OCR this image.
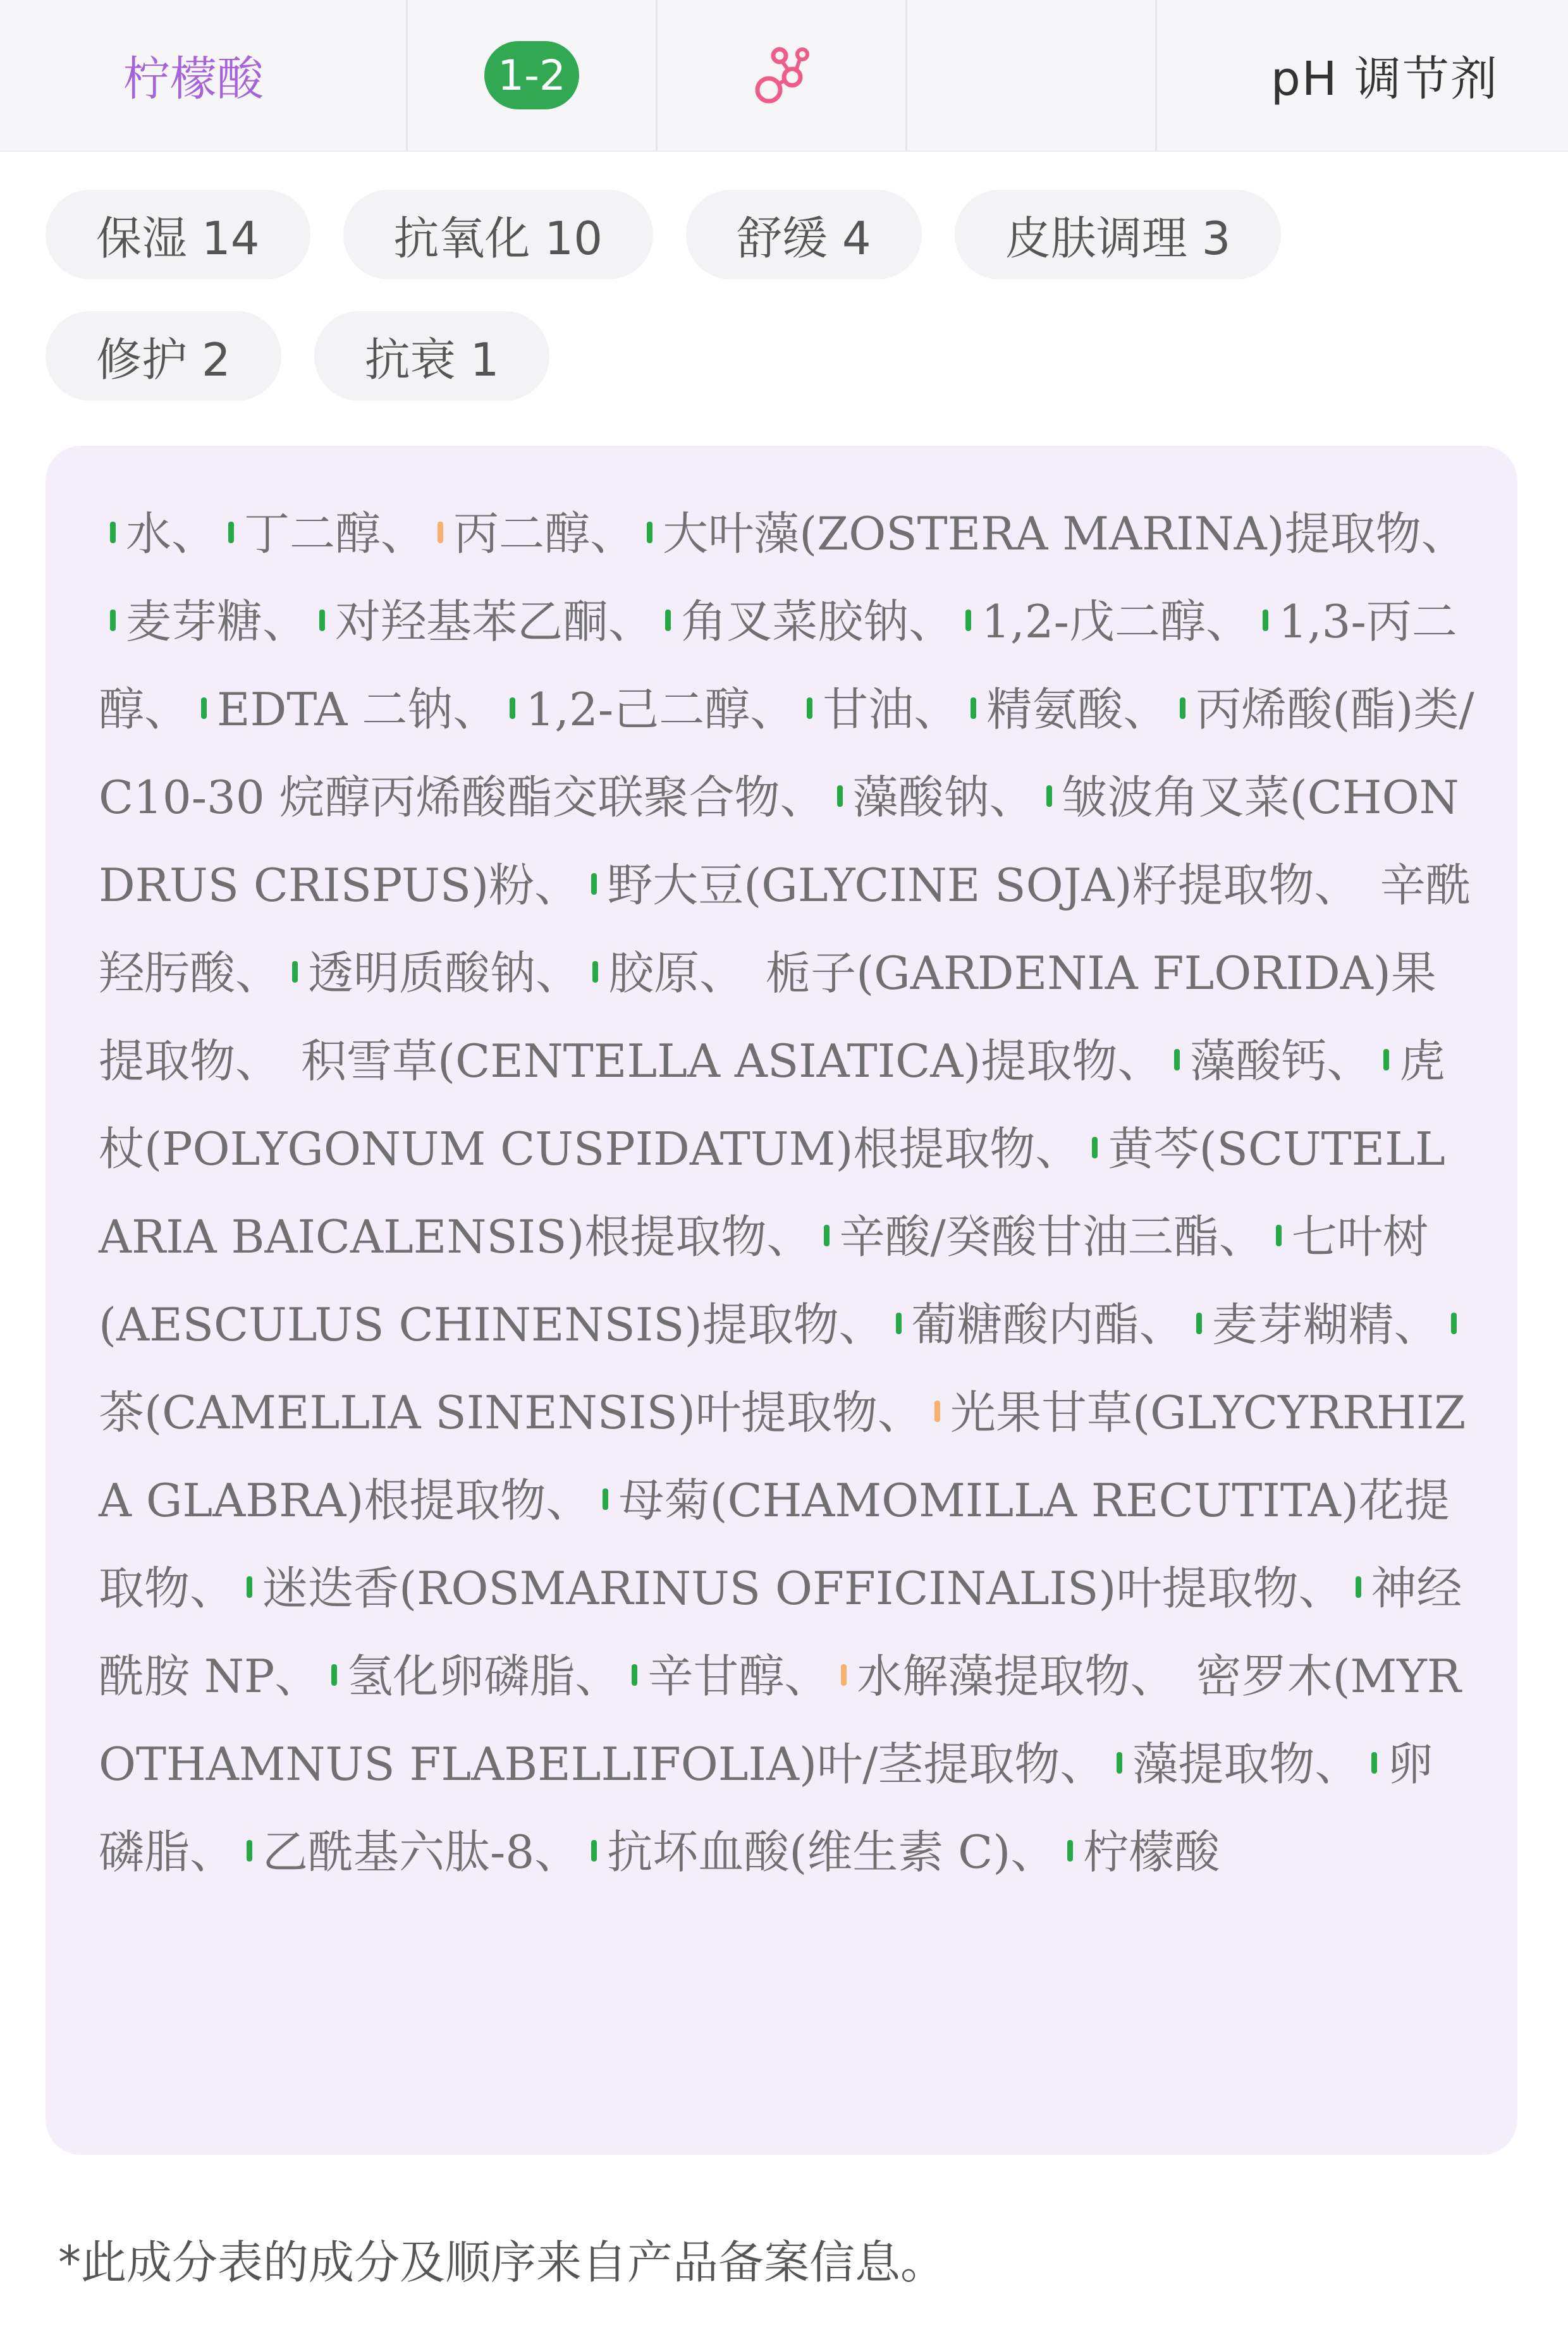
柠檬酸	1-2	pH 调节剂
保湿 14	抗氧化 10	舒缓 4	皮肤调理 3
修护 2	抗衰 1
水、 丁二醇、 丙二醇、 大叶藻(ZOSTERA MARINA)提取物、麦芽糖、 对羟基苯乙酮、 角叉菜胶钠、 1,2-戊二醇、 1,3-丙二醇、 EDTA 二钠、 1,2-己二醇、 甘油、 精氨酸、 丙烯酸(酯)类/C10-30 烷醇丙烯酸酯交联聚合物、 藻酸钠、 皱波角叉菜(CHONDRUS CRISPUS)粉、 野大豆(GLYCINE SOJA)籽提取物、 辛酰羟肟酸、 透明质酸钠、 胶原、 栀子(GARDENIA FLORIDA)果提取物、 积雪草(CENTELLA ASIATICA)提取物、 藻酸钙、 虎杖(POLYGONUM CUSPIDATUM)根提取物、 黄芩(SCUTELLARIA BAICALENSIS)根提取物、 辛酸/癸酸甘油三酯、 七叶树(AESCULUS CHINENSIS)提取物、 葡糖酸内酯、 麦芽糊精、茶(CAMELLIA SINENSIS)叶提取物、 光果甘草(GLYCYRRHIZA GLABRA)根提取物、 母菊(CHAMOMILLA RECUTITA)花提取物、 迷迭香(ROSMARINUS OFFICINALIS)叶提取物、 神经酰胺 NP、 氢化卵磷脂、 辛甘醇、 水解藻提取物、 密罗木(MYROTHAMNUS FLABELLIFOLIA)叶/茎提取物、 藻提取物、 卵磷脂、 乙酰基六肽-8、 抗坏血酸(维生素 C)、 柠檬酸
*此成分表的成分及顺序来自产品备案信息。
